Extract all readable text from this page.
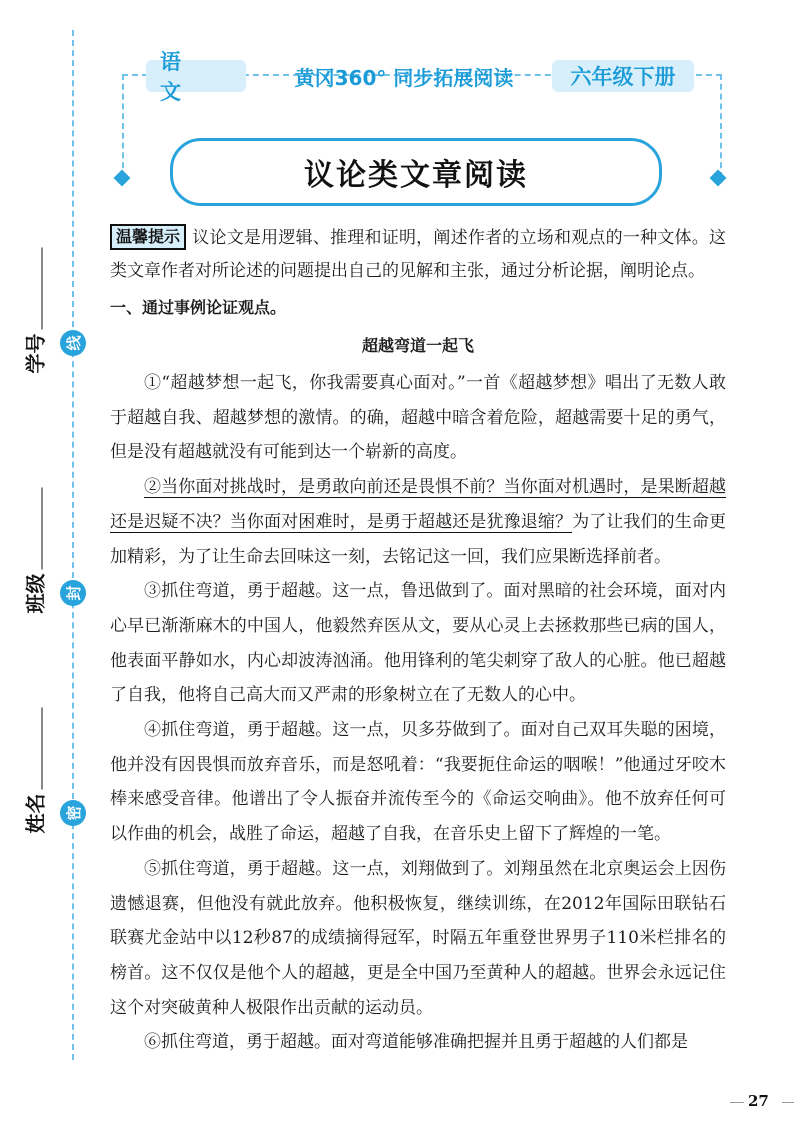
线
封
密
学号
班级
姓名
语 文
黄冈360° 同步拓展阅读	六年级下册
议论类文章阅读

温馨提示 议论文是用逻辑、推理和证明，阐述作者的立场和观点的一种文体。这类文章作者对所论述的问题提出自己的见解和主张，通过分析论据，阐明论点。

一、通过事例论证观点。
超越弯道一起飞

①“超越梦想一起飞，你我需要真心面对。”一首《超越梦想》唱出了无数人敢于超越自我、超越梦想的激情。的确，超越中暗含着危险，超越需要十足的勇气，但是没有超越就没有可能到达一个崭新的高度。

②当你面对挑战时，是勇敢向前还是畏惧不前？当你面对机遇时，是果断超越还是迟疑不决？当你面对困难时，是勇于超越还是犹豫退缩？为了让我们的生命更加精彩，为了让生命去回味这一刻，去铭记这一回，我们应果断选择前者。

③抓住弯道，勇于超越。这一点，鲁迅做到了。面对黑暗的社会环境，面对内心早已渐渐麻木的中国人，他毅然弃医从文，要从心灵上去拯救那些已病的国人，他表面平静如水，内心却波涛汹涌。他用锋利的笔尖刺穿了敌人的心脏。他已超越了自我，他将自己高大而又严肃的形象树立在了无数人的心中。

④抓住弯道，勇于超越。这一点，贝多芬做到了。面对自己双耳失聪的困境，他并没有因畏惧而放弃音乐，而是怒吼着：“我要扼住命运的咽喉！”他通过牙咬木棒来感受音律。他谱出了令人振奋并流传至今的《命运交响曲》。他不放弃任何可以作曲的机会，战胜了命运，超越了自我，在音乐史上留下了辉煌的一笔。

⑤抓住弯道，勇于超越。这一点，刘翔做到了。刘翔虽然在北京奥运会上因伤遗憾退赛，但他没有就此放弃。他积极恢复，继续训练，在2012年国际田联钻石联赛尤金站中以12秒87的成绩摘得冠军，时隔五年重登世界男子110米栏排名的榜首。这不仅仅是他个人的超越，更是全中国乃至黄种人的超越。世界会永远记住这个对突破黄种人极限作出贡献的运动员。

⑥抓住弯道，勇于超越。面对弯道能够准确把握并且勇于超越的人们都是

27
